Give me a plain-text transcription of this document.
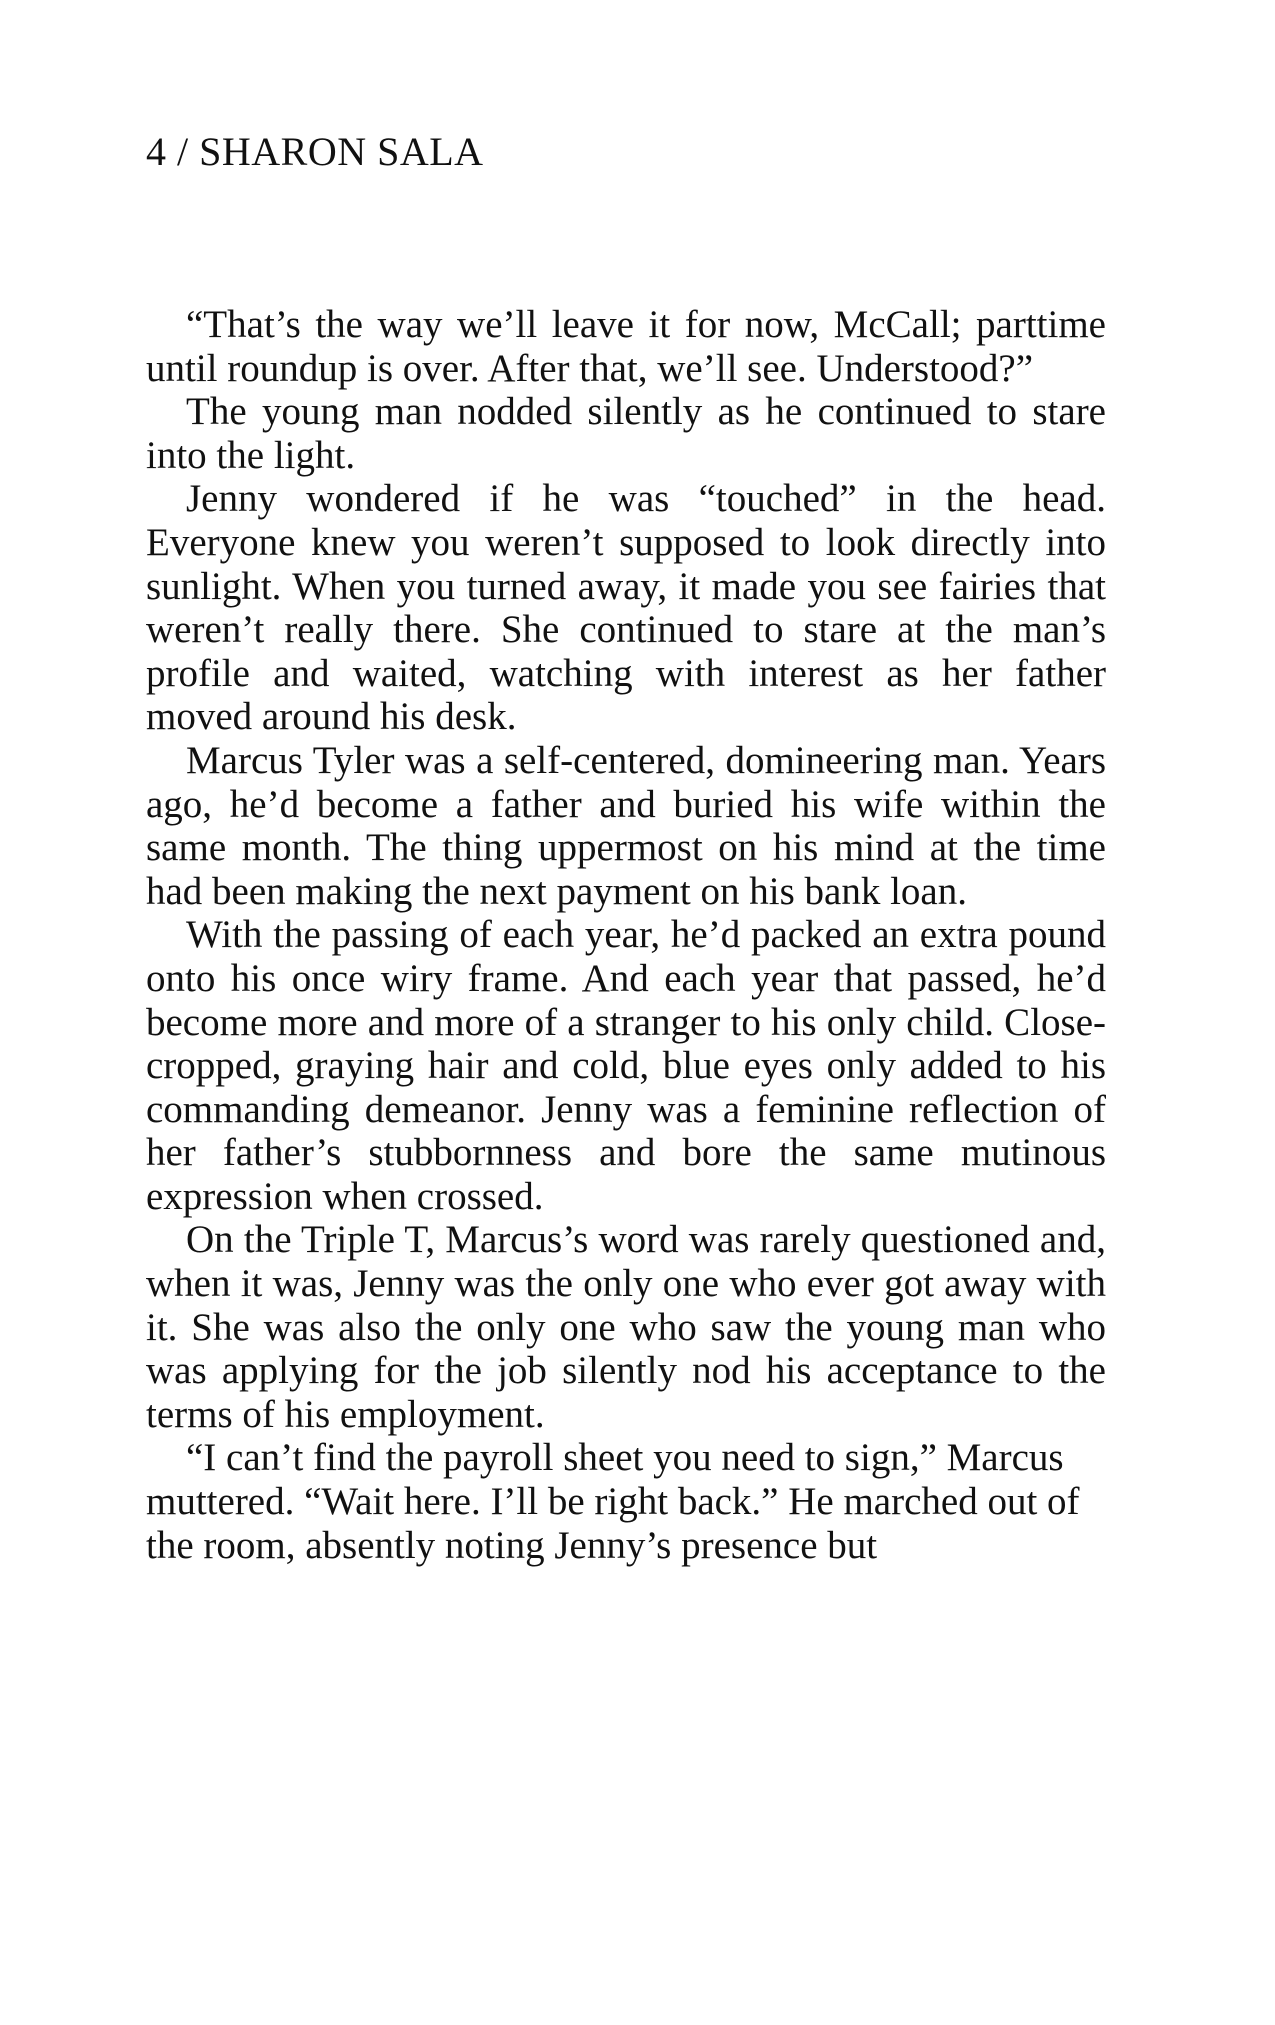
4 / SHARON SALA

“That’s the way we’ll leave it for now, McCall; parttime until roundup is over. After that, we’ll see. Understood?”

The young man nodded silently as he continued to stare into the light.

Jenny wondered if he was “touched” in the head. Everyone knew you weren’t supposed to look directly into sunlight. When you turned away, it made you see fairies that weren’t really there. She continued to stare at the man’s profile and waited, watching with interest as her father moved around his desk.

Marcus Tyler was a self-centered, domineering man. Years ago, he’d become a father and buried his wife within the same month. The thing uppermost on his mind at the time had been making the next payment on his bank loan.

With the passing of each year, he’d packed an extra pound onto his once wiry frame. And each year that passed, he’d become more and more of a stranger to his only child. Close-cropped, graying hair and cold, blue eyes only added to his commanding demeanor. Jenny was a feminine reflection of her father’s stubbornness and bore the same mutinous expression when crossed.

On the Triple T, Marcus’s word was rarely questioned and, when it was, Jenny was the only one who ever got away with it. She was also the only one who saw the young man who was applying for the job silently nod his acceptance to the terms of his employment.

“I can’t find the payroll sheet you need to sign,” Marcus muttered. “Wait here. I’ll be right back.” He marched out of the room, absently noting Jenny’s presence but
